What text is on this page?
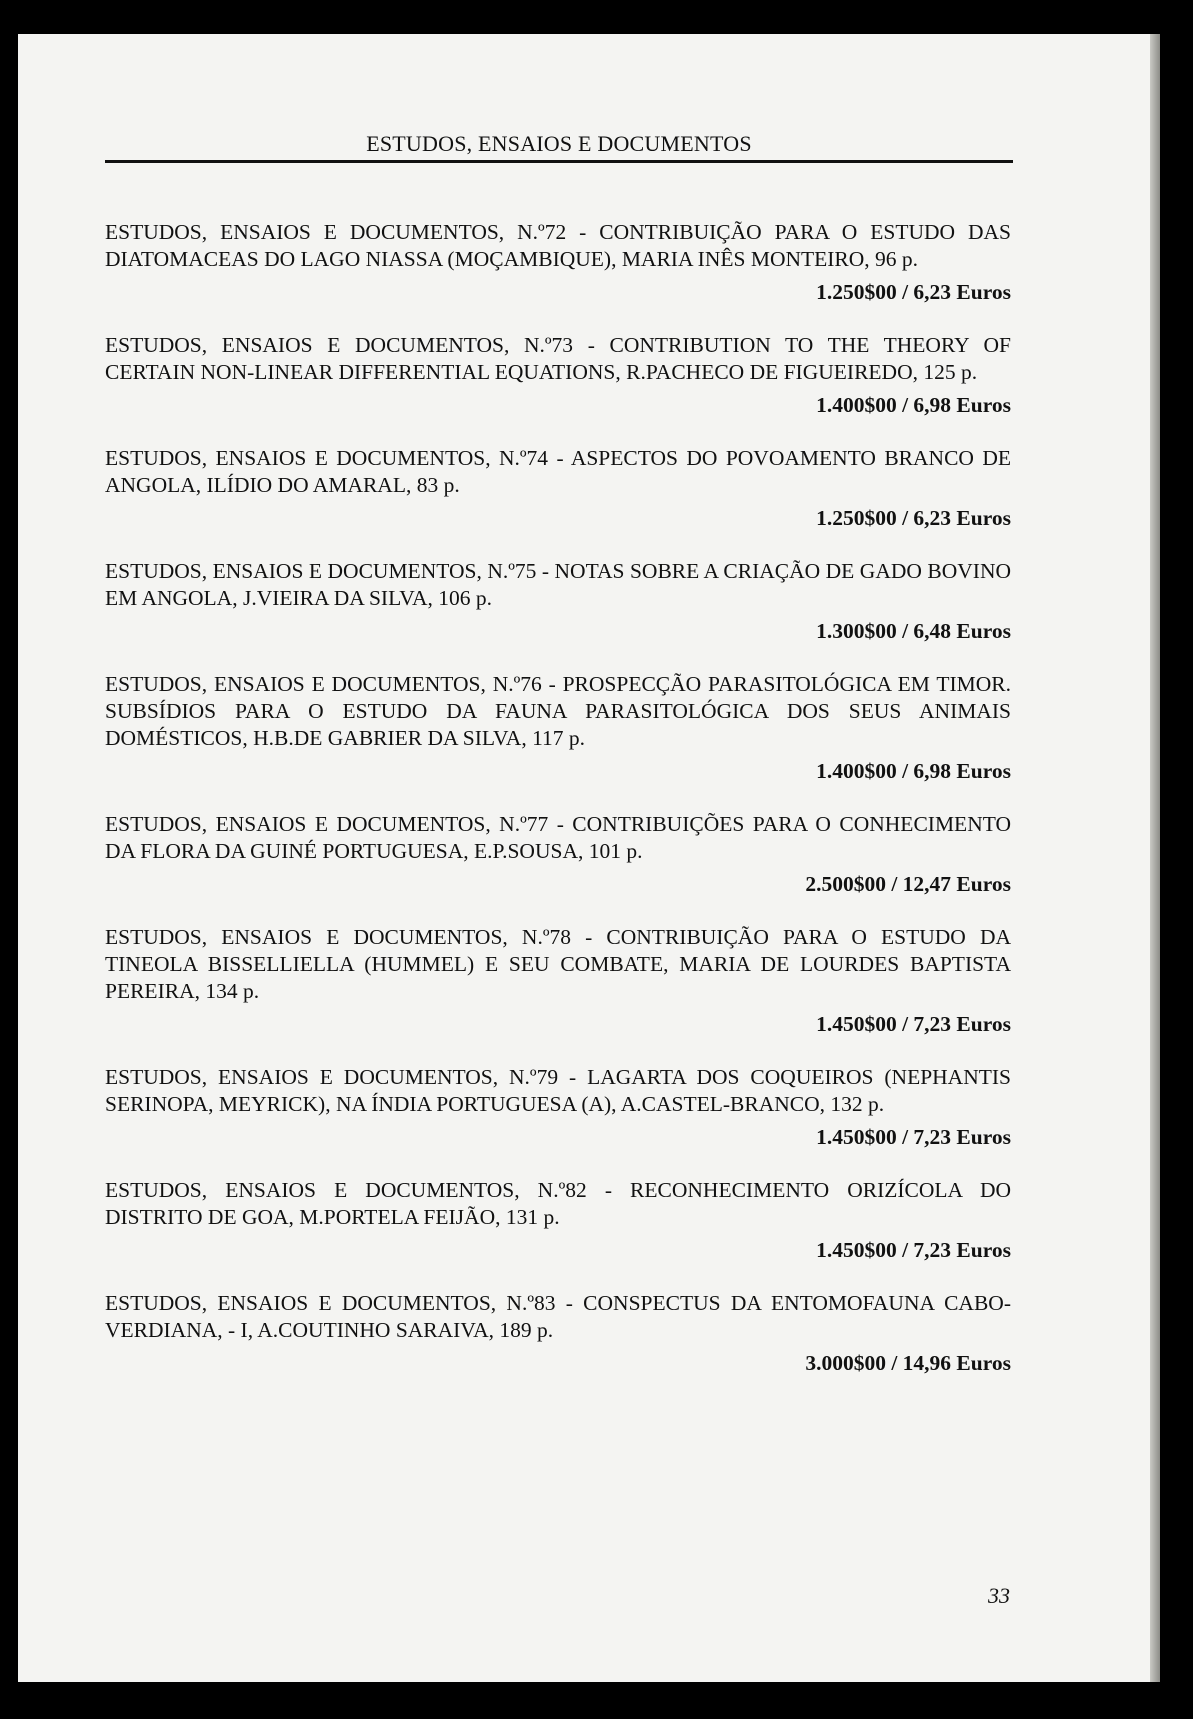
ESTUDOS, ENSAIOS E DOCUMENTOS

ESTUDOS, ENSAIOS E DOCUMENTOS, N.º72 - CONTRIBUIÇÃO PARA O ESTUDO DAS DIATOMACEAS DO LAGO NIASSA (MOÇAMBIQUE), MARIA INÊS MONTEIRO, 96 p.

1.250$00 / 6,23 Euros

ESTUDOS, ENSAIOS E DOCUMENTOS, N.º73 - CONTRIBUTION TO THE THEORY OF CERTAIN NON-LINEAR DIFFERENTIAL EQUATIONS, R.PACHECO DE FIGUEIREDO, 125 p.

1.400$00 / 6,98 Euros

ESTUDOS, ENSAIOS E DOCUMENTOS, N.º74 - ASPECTOS DO POVOAMENTO BRANCO DE ANGOLA, ILÍDIO DO AMARAL, 83 p.

1.250$00 / 6,23 Euros

ESTUDOS, ENSAIOS E DOCUMENTOS, N.º75 - NOTAS SOBRE A CRIAÇÃO DE GADO BOVINO EM ANGOLA, J.VIEIRA DA SILVA, 106 p.

1.300$00 / 6,48 Euros

ESTUDOS, ENSAIOS E DOCUMENTOS, N.º76 - PROSPECÇÃO PARASITOLÓGICA EM TIMOR. SUBSÍDIOS PARA O ESTUDO DA FAUNA PARASITOLÓGICA DOS SEUS ANIMAIS DOMÉSTICOS, H.B.DE GABRIER DA SILVA, 117 p.

1.400$00 / 6,98 Euros

ESTUDOS, ENSAIOS E DOCUMENTOS, N.º77 - CONTRIBUIÇÕES PARA O CONHECIMENTO DA FLORA DA GUINÉ PORTUGUESA, E.P.SOUSA, 101 p.

2.500$00 / 12,47 Euros

ESTUDOS, ENSAIOS E DOCUMENTOS, N.º78 - CONTRIBUIÇÃO PARA O ESTUDO DA TINEOLA BISSELLIELLA (HUMMEL) E SEU COMBATE, MARIA DE LOURDES BAPTISTA PEREIRA, 134 p.

1.450$00 / 7,23 Euros

ESTUDOS, ENSAIOS E DOCUMENTOS, N.º79 - LAGARTA DOS COQUEIROS (NEPHANTIS SERINOPA, MEYRICK), NA ÍNDIA PORTUGUESA (A), A.CASTEL-BRANCO, 132 p.

1.450$00 / 7,23 Euros

ESTUDOS, ENSAIOS E DOCUMENTOS, N.º82 - RECONHECIMENTO ORIZÍCOLA DO DISTRITO DE GOA, M.PORTELA FEIJÃO, 131 p.

1.450$00 / 7,23 Euros

ESTUDOS, ENSAIOS E DOCUMENTOS, N.º83 - CONSPECTUS DA ENTOMOFAUNA CABO-VERDIANA, - I, A.COUTINHO SARAIVA, 189 p.

3.000$00 / 14,96 Euros

33
